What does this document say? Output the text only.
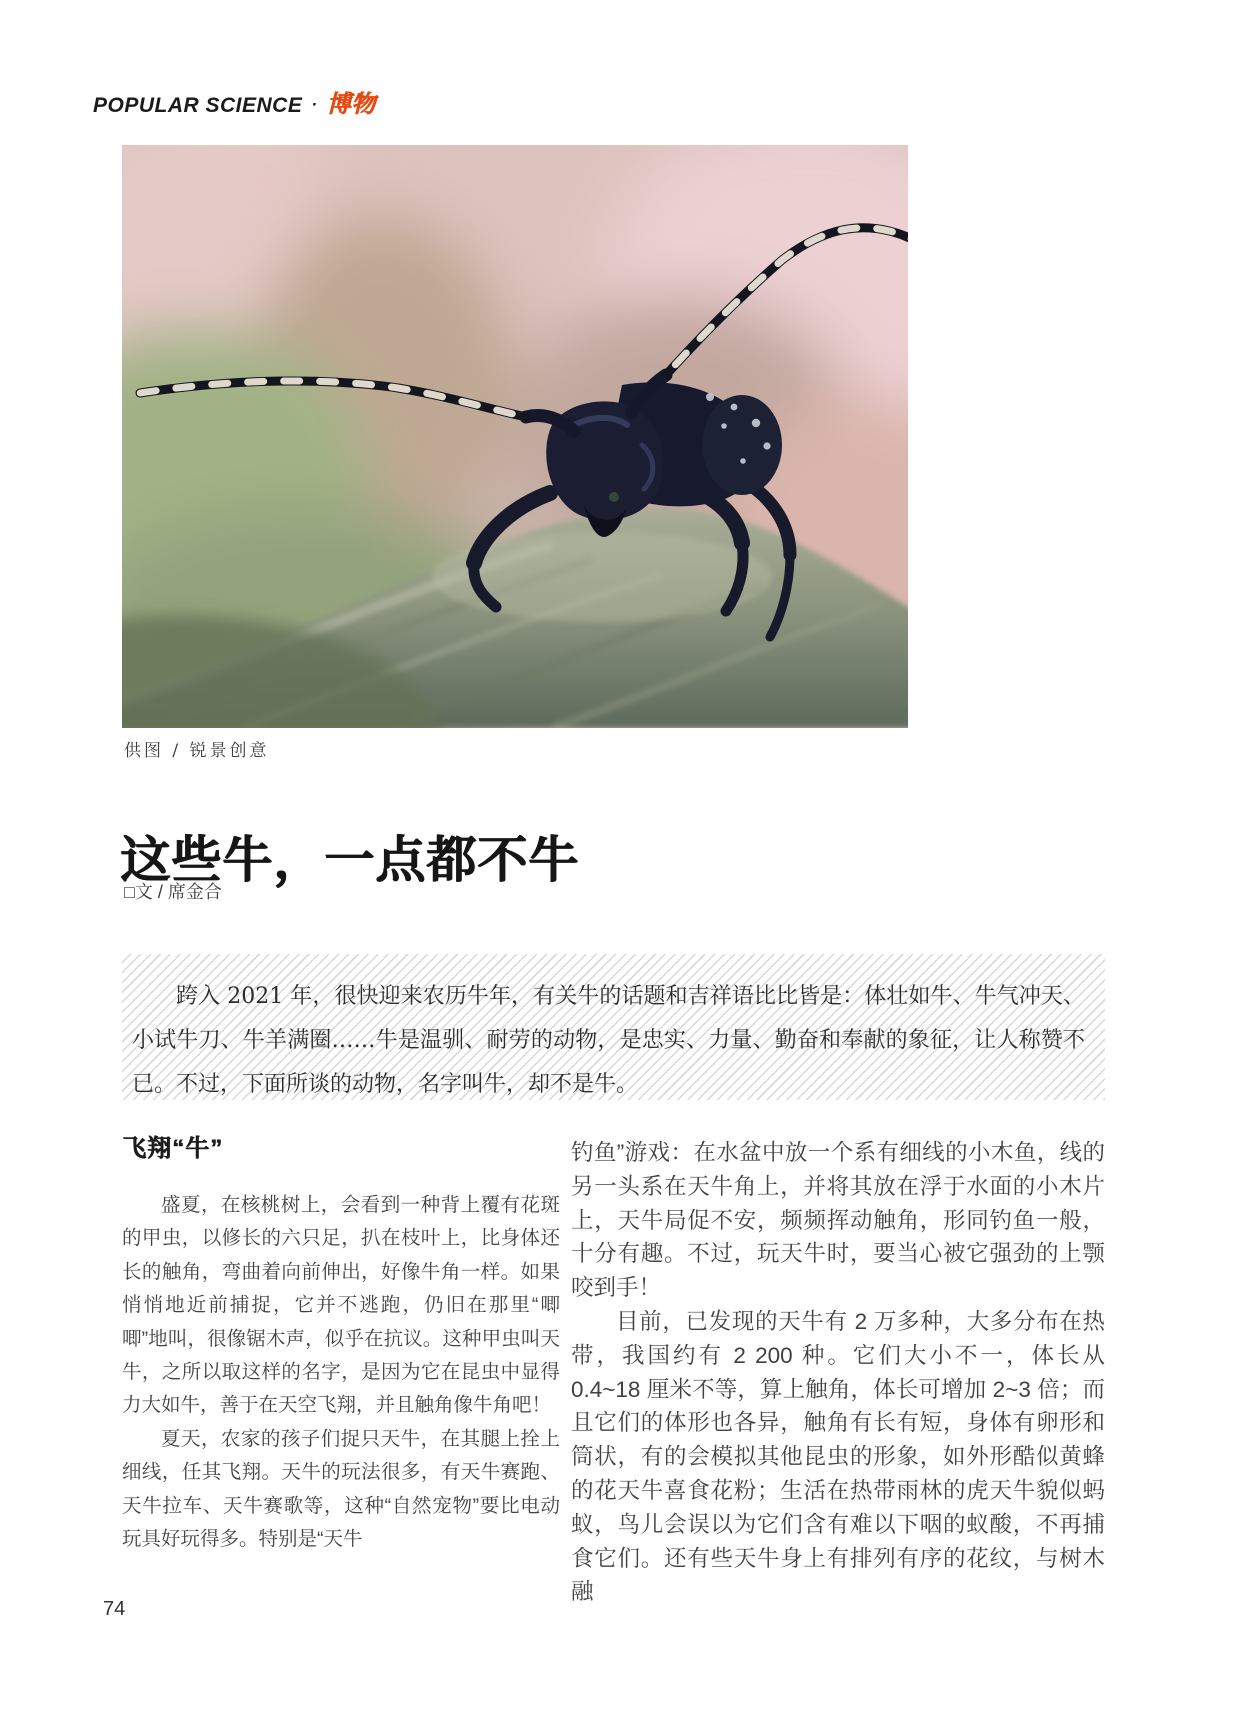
POPULAR SCIENCE · 博物
供图 / 锐景创意
这些牛，一点都不牛
□文 / 席金合

跨入 2021 年，很快迎来农历牛年，有关牛的话题和吉祥语比比皆是：体壮如牛、牛气冲天、小试牛刀、牛羊满圈……牛是温驯、耐劳的动物，是忠实、力量、勤奋和奉献的象征，让人称赞不已。不过，下面所谈的动物，名字叫牛，却不是牛。

飞翔“牛”

盛夏，在核桃树上，会看到一种背上覆有花斑的甲虫，以修长的六只足，扒在枝叶上，比身体还长的触角，弯曲着向前伸出，好像牛角一样。如果悄悄地近前捕捉，它并不逃跑，仍旧在那里“唧唧”地叫，很像锯木声，似乎在抗议。这种甲虫叫天牛，之所以取这样的名字，是因为它在昆虫中显得力大如牛，善于在天空飞翔，并且触角像牛角吧！

夏天，农家的孩子们捉只天牛，在其腿上拴上细线，任其飞翔。天牛的玩法很多，有天牛赛跑、天牛拉车、天牛赛歌等，这种“自然宠物”要比电动玩具好玩得多。特别是“天牛

钓鱼”游戏：在水盆中放一个系有细线的小木鱼，线的另一头系在天牛角上，并将其放在浮于水面的小木片上，天牛局促不安，频频挥动触角，形同钓鱼一般，十分有趣。不过，玩天牛时，要当心被它强劲的上颚咬到手！

目前，已发现的天牛有 2 万多种，大多分布在热带，我国约有 2 200 种。它们大小不一，体长从 0.4~18 厘米不等，算上触角，体长可增加 2~3 倍；而且它们的体形也各异，触角有长有短，身体有卵形和筒状，有的会模拟其他昆虫的形象，如外形酷似黄蜂的花天牛喜食花粉；生活在热带雨林的虎天牛貌似蚂蚁，鸟儿会误以为它们含有难以下咽的蚁酸，不再捕食它们。还有些天牛身上有排列有序的花纹，与树木融

74
